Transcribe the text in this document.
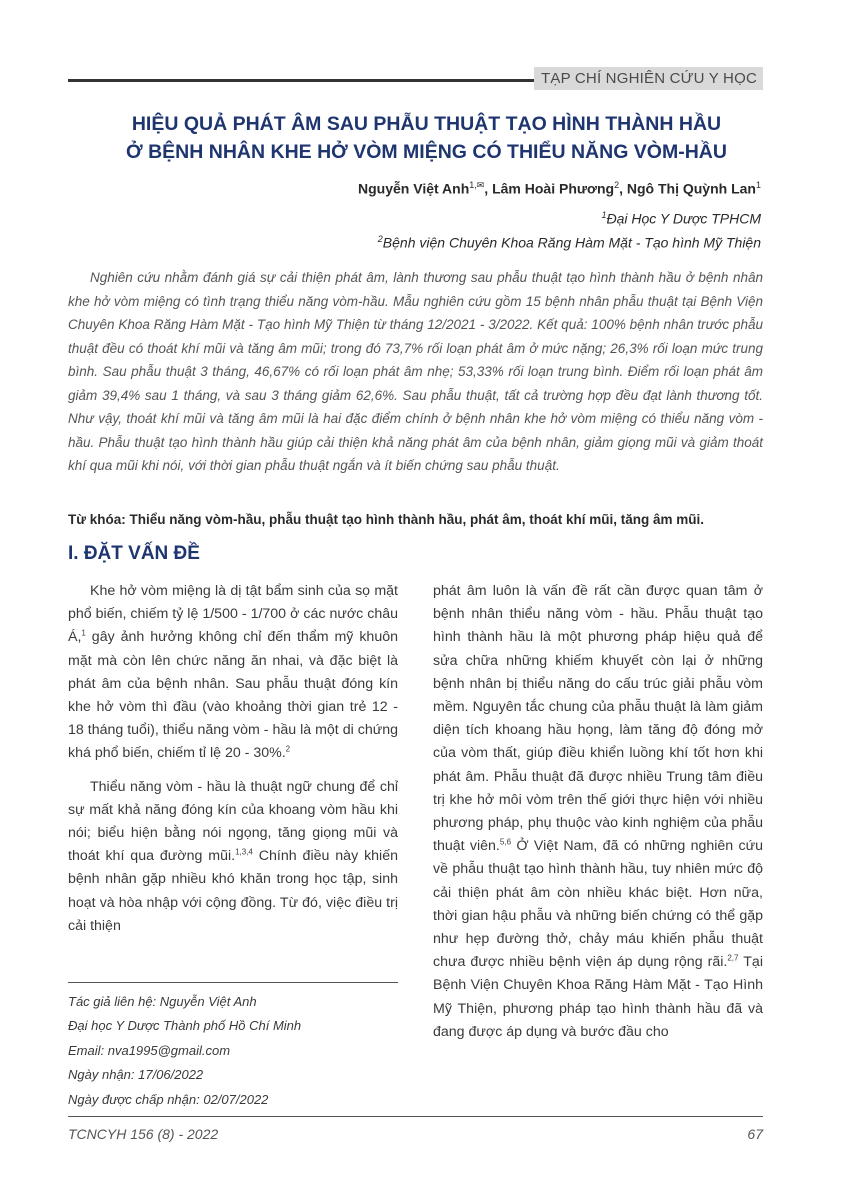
TẠP CHÍ NGHIÊN CỨU Y HỌC
HIỆU QUẢ PHÁT ÂM SAU PHẪU THUẬT TẠO HÌNH THÀNH HẦU
Ở BỆNH NHÂN KHE HỞ VÒM MIỆNG CÓ THIỂU NĂNG VÒM-HẦU
Nguyễn Việt Anh$^{1,✉}$, Lâm Hoài Phương$^2$, Ngô Thị Quỳnh Lan$^1$
$^1$Đại Học Y Dược TPHCM
$^2$Bệnh viện Chuyên Khoa Răng Hàm Mặt - Tạo hình Mỹ Thiện

Nghiên cứu nhằm đánh giá sự cải thiện phát âm, lành thương sau phẫu thuật tạo hình thành hầu ở bệnh nhân khe hở vòm miệng có tình trạng thiểu năng vòm-hầu. Mẫu nghiên cứu gồm 15 bệnh nhân phẫu thuật tại Bệnh Viện Chuyên Khoa Răng Hàm Mặt - Tạo hình Mỹ Thiện từ tháng 12/2021 - 3/2022. Kết quả: 100% bệnh nhân trước phẫu thuật đều có thoát khí mũi và tăng âm mũi; trong đó 73,7% rối loạn phát âm ở mức nặng; 26,3% rối loạn mức trung bình. Sau phẫu thuật 3 tháng, 46,67% có rối loạn phát âm nhẹ; 53,33% rối loạn trung bình. Điểm rối loạn phát âm giảm 39,4% sau 1 tháng, và sau 3 tháng giảm 62,6%. Sau phẫu thuật, tất cả trường hợp đều đạt lành thương tốt. Như vậy, thoát khí mũi và tăng âm mũi là hai đặc điểm chính ở bệnh nhân khe hở vòm miệng có thiểu năng vòm - hầu. Phẫu thuật tạo hình thành hầu giúp cải thiện khả năng phát âm của bệnh nhân, giảm giọng mũi và giảm thoát khí qua mũi khi nói, với thời gian phẫu thuật ngắn và ít biến chứng sau phẫu thuật.

Từ khóa: Thiểu năng vòm-hầu, phẫu thuật tạo hình thành hầu, phát âm, thoát khí mũi, tăng âm mũi.

I. ĐẶT VẤN ĐỀ

Khe hở vòm miệng là dị tật bẩm sinh của sọ mặt phổ biến, chiếm tỷ lệ 1/500 - 1/700 ở các nước châu Á,$^1$ gây ảnh hưởng không chỉ đến thẩm mỹ khuôn mặt mà còn lên chức năng ăn nhai, và đặc biệt là phát âm của bệnh nhân. Sau phẫu thuật đóng kín khe hở vòm thì đầu (vào khoảng thời gian trẻ 12 - 18 tháng tuổi), thiểu năng vòm - hầu là một di chứng khá phổ biến, chiếm tỉ lệ 20 - 30%.$^2$

Thiểu năng vòm - hầu là thuật ngữ chung để chỉ sự mất khả năng đóng kín của khoang vòm hầu khi nói; biểu hiện bằng nói ngọng, tăng giọng mũi và thoát khí qua đường mũi.$^{1,3,4}$ Chính điều này khiến bệnh nhân gặp nhiều khó khăn trong học tập, sinh hoạt và hòa nhập với cộng đồng. Từ đó, việc điều trị cải thiện

phát âm luôn là vấn đề rất cần được quan tâm ở bệnh nhân thiểu năng vòm - hầu. Phẫu thuật tạo hình thành hầu là một phương pháp hiệu quả để sửa chữa những khiếm khuyết còn lại ở những bệnh nhân bị thiểu năng do cấu trúc giải phẫu vòm mềm. Nguyên tắc chung của phẫu thuật là làm giảm diện tích khoang hầu họng, làm tăng độ đóng mở của vòm thất, giúp điều khiển luồng khí tốt hơn khi phát âm. Phẫu thuật đã được nhiều Trung tâm điều trị khe hở môi vòm trên thế giới thực hiện với nhiều phương pháp, phụ thuộc vào kinh nghiệm của phẫu thuật viên.$^{5,6}$ Ở Việt Nam, đã có những nghiên cứu về phẫu thuật tạo hình thành hầu, tuy nhiên mức độ cải thiện phát âm còn nhiều khác biệt. Hơn nữa, thời gian hậu phẫu và những biến chứng có thể gặp như hẹp đường thở, chảy máu khiến phẫu thuật chưa được nhiều bệnh viện áp dụng rộng rãi.$^{2,7}$ Tại Bệnh Viện Chuyên Khoa Răng Hàm Mặt - Tạo Hình Mỹ Thiện, phương pháp tạo hình thành hầu đã và đang được áp dụng và bước đầu cho

Tác giả liên hệ: Nguyễn Việt Anh
Đại học Y Dược Thành phố Hồ Chí Minh
Email: nva1995@gmail.com
Ngày nhận: 17/06/2022
Ngày được chấp nhận: 02/07/2022
TCNCYH 156 (8) - 2022	67
